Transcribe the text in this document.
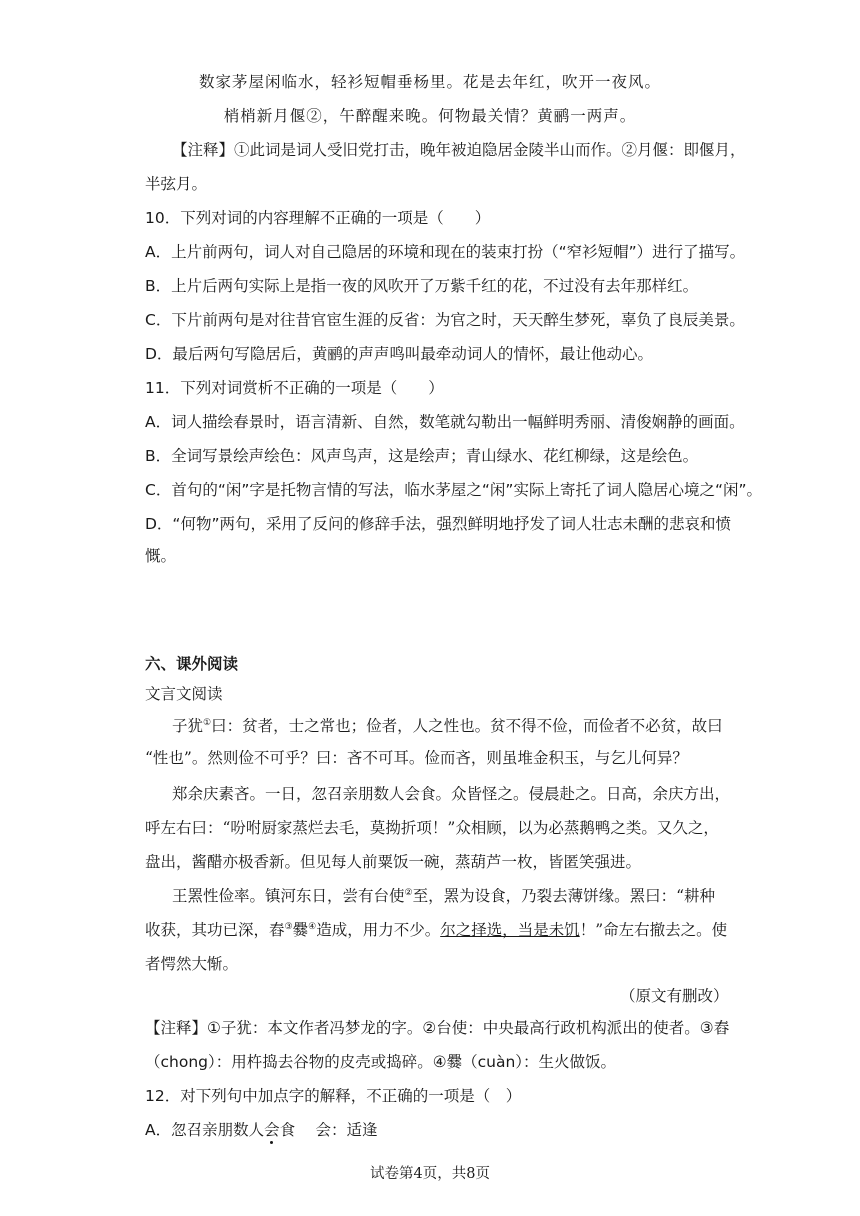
数家茅屋闲临水，轻衫短帽垂杨里。花是去年红，吹开一夜风。
梢梢新月偃②，午醉醒来晚。何物最关情？黄鹂一两声。
【注释】①此词是词人受旧党打击，晚年被迫隐居金陵半山而作。②月偃：即偃月，
半弦月。
10．下列对词的内容理解不正确的一项是（　　）
A．上片前两句，词人对自己隐居的环境和现在的装束打扮（“窄衫短帽”）进行了描写。
B．上片后两句实际上是指一夜的风吹开了万紫千红的花，不过没有去年那样红。
C．下片前两句是对往昔官宦生涯的反省：为官之时，天天醉生梦死，辜负了良辰美景。
D．最后两句写隐居后，黄鹂的声声鸣叫最牵动词人的情怀，最让他动心。
11．下列对词赏析不正确的一项是（　　）
A．词人描绘春景时，语言清新、自然，数笔就勾勒出一幅鲜明秀丽、清俊娴静的画面。
B．全词写景绘声绘色：风声鸟声，这是绘声；青山绿水、花红柳绿，这是绘色。
C．首句的“闲”字是托物言情的写法，临水茅屋之“闲”实际上寄托了词人隐居心境之“闲”。
D．“何物”两句，采用了反问的修辞手法，强烈鲜明地抒发了词人壮志未酬的悲哀和愤
慨。
六、课外阅读
文言文阅读
子犹①曰：贫者，士之常也；俭者，人之性也。贫不得不俭，而俭者不必贫，故曰
“性也”。然则俭不可乎？曰：吝不可耳。俭而吝，则虽堆金积玉，与乞儿何异？
郑余庆素吝。一日，忽召亲朋数人会食。众皆怪之。侵晨赴之。日高，余庆方出，
呼左右曰：“吩咐厨家蒸烂去毛，莫拗折项！”众相顾，以为必蒸鹅鸭之类。又久之，
盘出，酱醋亦极香新。但见每人前粟饭一碗，蒸葫芦一枚，皆匿笑强进。
王罴性俭率。镇河东日，尝有台使②至，罴为设食，乃裂去薄饼缘。罴曰：“耕种
收获，其功已深，舂③爨④造成，用力不少。尔之择选，当是未饥！”命左右撤去之。使
者愕然大惭。
（原文有删改）
【注释】①子犹：本文作者冯梦龙的字。②台使：中央最高行政机构派出的使者。③舂
（chong）：用杵捣去谷物的皮壳或捣碎。④爨（cuàn）：生火做饭。
12．对下列句中加点字的解释，不正确的一项是（　）
A．忽召亲朋数人会食　 会：适逢
试卷第4页，共8页
